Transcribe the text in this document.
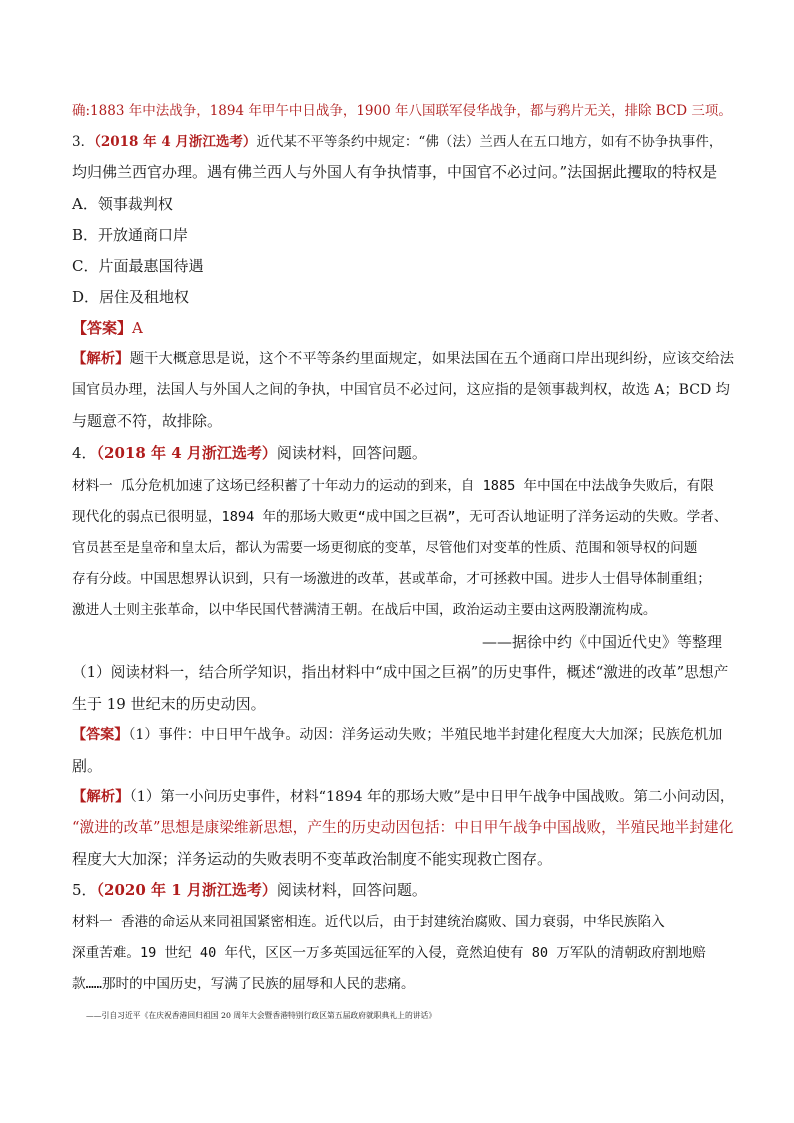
确:1883 年中法战争，1894 年甲午中日战争，1900 年八国联军侵华战争，都与鸦片无关，排除 BCD 三项。
3．（2018 年 4 月浙江选考）近代某不平等条约中规定：“佛（法）兰西人在五口地方，如有不协争执事件，
均归佛兰西官办理。遇有佛兰西人与外国人有争执情事，中国官不必过问。”法国据此攫取的特权是
A．领事裁判权
B．开放通商口岸
C．片面最惠国待遇
D．居住及租地权
【答案】A
【解析】题干大概意思是说，这个不平等条约里面规定，如果法国在五个通商口岸出现纠纷，应该交给法
国官员办理，法国人与外国人之间的争执，中国官员不必过问，这应指的是领事裁判权，故选 A；BCD 均
与题意不符，故排除。
4．（2018 年 4 月浙江选考）阅读材料，回答问题。
材料一 瓜分危机加速了这场已经积蓄了十年动力的运动的到来，自 1885 年中国在中法战争失败后，有限
现代化的弱点已很明显，1894 年的那场大败更“成中国之巨祸”，无可否认地证明了洋务运动的失败。学者、
官员甚至是皇帝和皇太后，都认为需要一场更彻底的变革，尽管他们对变革的性质、范围和领导权的问题
存有分歧。中国思想界认识到，只有一场激进的改革，甚或革命，才可拯救中国。进步人士倡导体制重组；
激进人士则主张革命，以中华民国代替满清王朝。在战后中国，政治运动主要由这两股潮流构成。
——据徐中约《中国近代史》等整理
（1）阅读材料一，结合所学知识，指出材料中“成中国之巨祸”的历史事件，概述“激进的改革”思想产
生于 19 世纪末的历史动因。
【答案】（1）事件：中日甲午战争。动因：洋务运动失败；半殖民地半封建化程度大大加深；民族危机加
剧。
【解析】（1）第一小问历史事件，材料“1894 年的那场大败”是中日甲午战争中国战败。第二小问动因，
“激进的改革”思想是康梁维新思想，产生的历史动因包括：中日甲午战争中国战败，半殖民地半封建化
程度大大加深；洋务运动的失败表明不变革政治制度不能实现救亡图存。
5．（2020 年 1 月浙江选考）阅读材料，回答问题。
材料一 香港的命运从来同祖国紧密相连。近代以后，由于封建统治腐败、国力衰弱，中华民族陷入
深重苦难。19 世纪 40 年代，区区一万多英国远征军的入侵，竟然迫使有 80 万军队的清朝政府割地赔
款……那时的中国历史，写满了民族的屈辱和人民的悲痛。
——引自习近平《在庆祝香港回归祖国 20 周年大会暨香港特别行政区第五届政府就职典礼上的讲话》
